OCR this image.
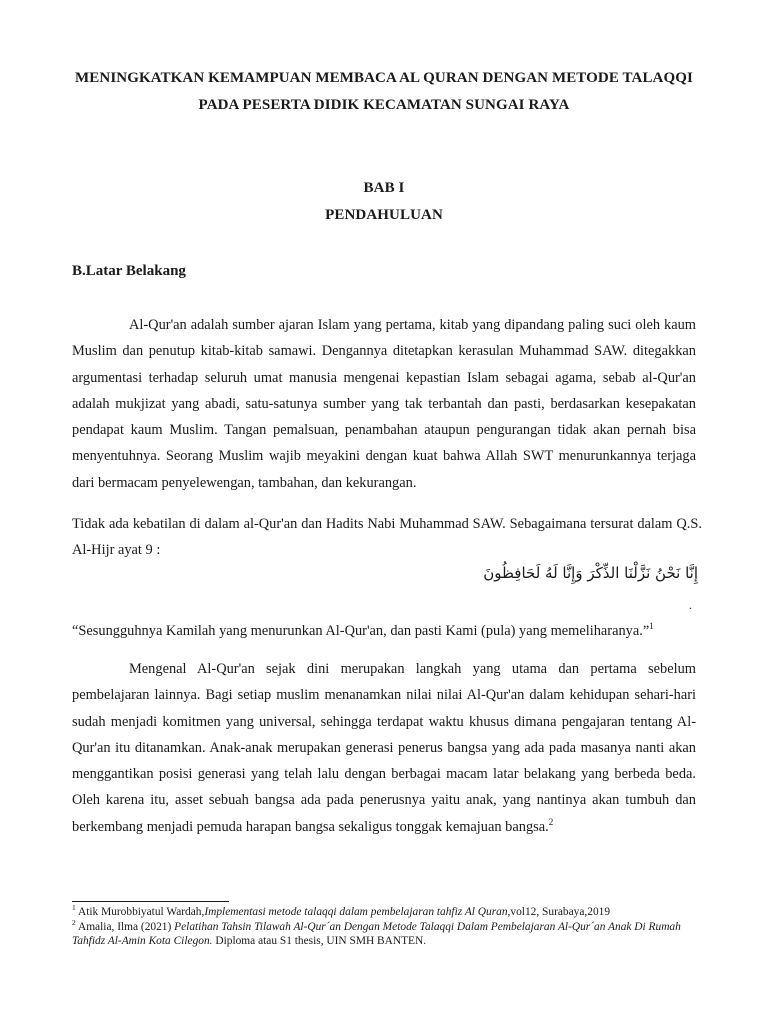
MENINGKATKAN KEMAMPUAN MEMBACA AL QURAN DENGAN METODE TALAQQI
PADA PESERTA DIDIK KECAMATAN SUNGAI RAYA
BAB I
PENDAHULUAN
B.Latar Belakang

Al-Qur'an adalah sumber ajaran Islam yang pertama, kitab yang dipandang paling suci oleh kaum Muslim dan penutup kitab-kitab samawi. Dengannya ditetapkan kerasulan Muhammad SAW. ditegakkan argumentasi terhadap seluruh umat manusia mengenai kepastian Islam sebagai agama, sebab al-Qur'an adalah mukjizat yang abadi, satu-satunya sumber yang tak terbantah dan pasti, berdasarkan kesepakatan pendapat kaum Muslim. Tangan pemalsuan, penambahan ataupun pengurangan tidak akan pernah bisa menyentuhnya. Seorang Muslim wajib meyakini dengan kuat bahwa Allah SWT menurunkannya terjaga dari bermacam penyelewengan, tambahan, dan kekurangan.

Tidak ada kebatilan di dalam al-Qur'an dan Hadits Nabi Muhammad SAW. Sebagaimana tersurat dalam Q.S. Al-Hijr ayat 9 :

إِنَّا نَحْنُ نَزَّلْنَا الذِّكْرَ وَإِنَّا لَهُ لَحَافِظُونَ
.
“Sesungguhnya Kamilah yang menurunkan Al-Qur'an, dan pasti Kami (pula) yang memeliharanya.”$^1$

Mengenal Al-Qur'an sejak dini merupakan langkah yang utama dan pertama sebelum pembelajaran lainnya. Bagi setiap muslim menanamkan nilai nilai Al-Qur'an dalam kehidupan sehari-hari sudah menjadi komitmen yang universal, sehingga terdapat waktu khusus dimana pengajaran tentang Al-Qur'an itu ditanamkan. Anak-anak merupakan generasi penerus bangsa yang ada pada masanya nanti akan menggantikan posisi generasi yang telah lalu dengan berbagai macam latar belakang yang berbeda beda. Oleh karena itu, asset sebuah bangsa ada pada penerusnya yaitu anak, yang nantinya akan tumbuh dan berkembang menjadi pemuda harapan bangsa sekaligus tonggak kemajuan bangsa.$^2$

$^1$ Atik Murobbiyatul Wardah,Implementasi metode talaqqi dalam pembelajaran tahfiz Al Quran,vol12, Surabaya,2019

$^2$ Amalia, Ilma (2021) Pelatihan Tahsin Tilawah Al-Qur´an Dengan Metode Talaqqi Dalam Pembelajaran Al-Qur´an Anak Di Rumah Tahfidz Al-Amin Kota Cilegon. Diploma atau S1 thesis, UIN SMH BANTEN.
